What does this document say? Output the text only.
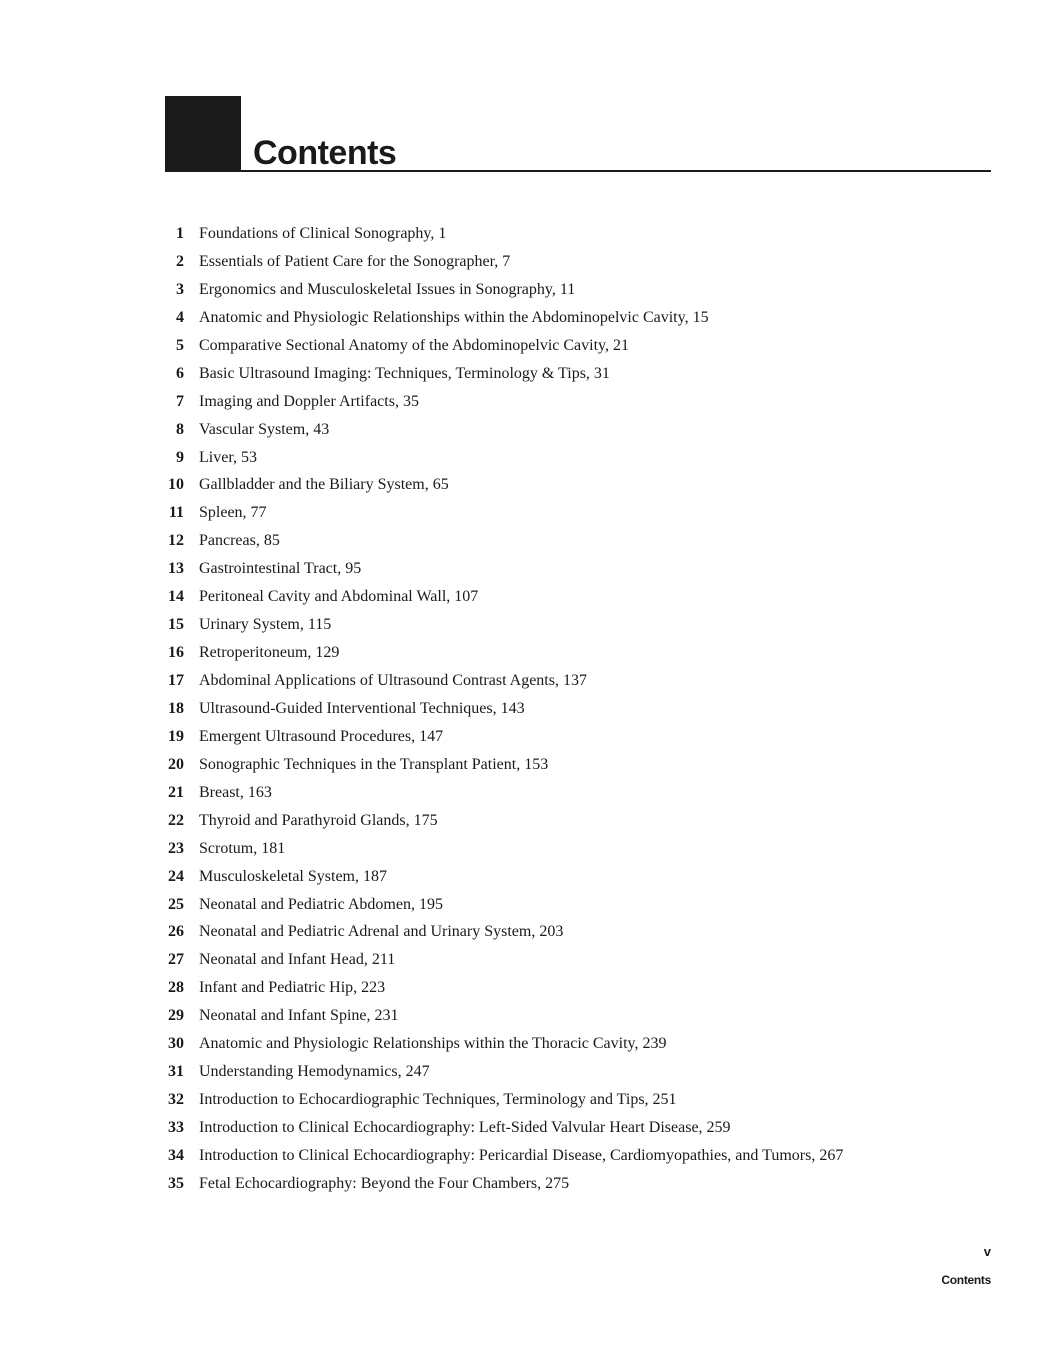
Contents
1 Foundations of Clinical Sonography, 1
2 Essentials of Patient Care for the Sonographer, 7
3 Ergonomics and Musculoskeletal Issues in Sonography, 11
4 Anatomic and Physiologic Relationships within the Abdominopelvic Cavity, 15
5 Comparative Sectional Anatomy of the Abdominopelvic Cavity, 21
6 Basic Ultrasound Imaging: Techniques, Terminology & Tips, 31
7 Imaging and Doppler Artifacts, 35
8 Vascular System, 43
9 Liver, 53
10 Gallbladder and the Biliary System, 65
11 Spleen, 77
12 Pancreas, 85
13 Gastrointestinal Tract, 95
14 Peritoneal Cavity and Abdominal Wall, 107
15 Urinary System, 115
16 Retroperitoneum, 129
17 Abdominal Applications of Ultrasound Contrast Agents, 137
18 Ultrasound-Guided Interventional Techniques, 143
19 Emergent Ultrasound Procedures, 147
20 Sonographic Techniques in the Transplant Patient, 153
21 Breast, 163
22 Thyroid and Parathyroid Glands, 175
23 Scrotum, 181
24 Musculoskeletal System, 187
25 Neonatal and Pediatric Abdomen, 195
26 Neonatal and Pediatric Adrenal and Urinary System, 203
27 Neonatal and Infant Head, 211
28 Infant and Pediatric Hip, 223
29 Neonatal and Infant Spine, 231
30 Anatomic and Physiologic Relationships within the Thoracic Cavity, 239
31 Understanding Hemodynamics, 247
32 Introduction to Echocardiographic Techniques, Terminology and Tips, 251
33 Introduction to Clinical Echocardiography: Left-Sided Valvular Heart Disease, 259
34 Introduction to Clinical Echocardiography: Pericardial Disease, Cardiomyopathies, and Tumors, 267
35 Fetal Echocardiography: Beyond the Four Chambers, 275
v
Contents
